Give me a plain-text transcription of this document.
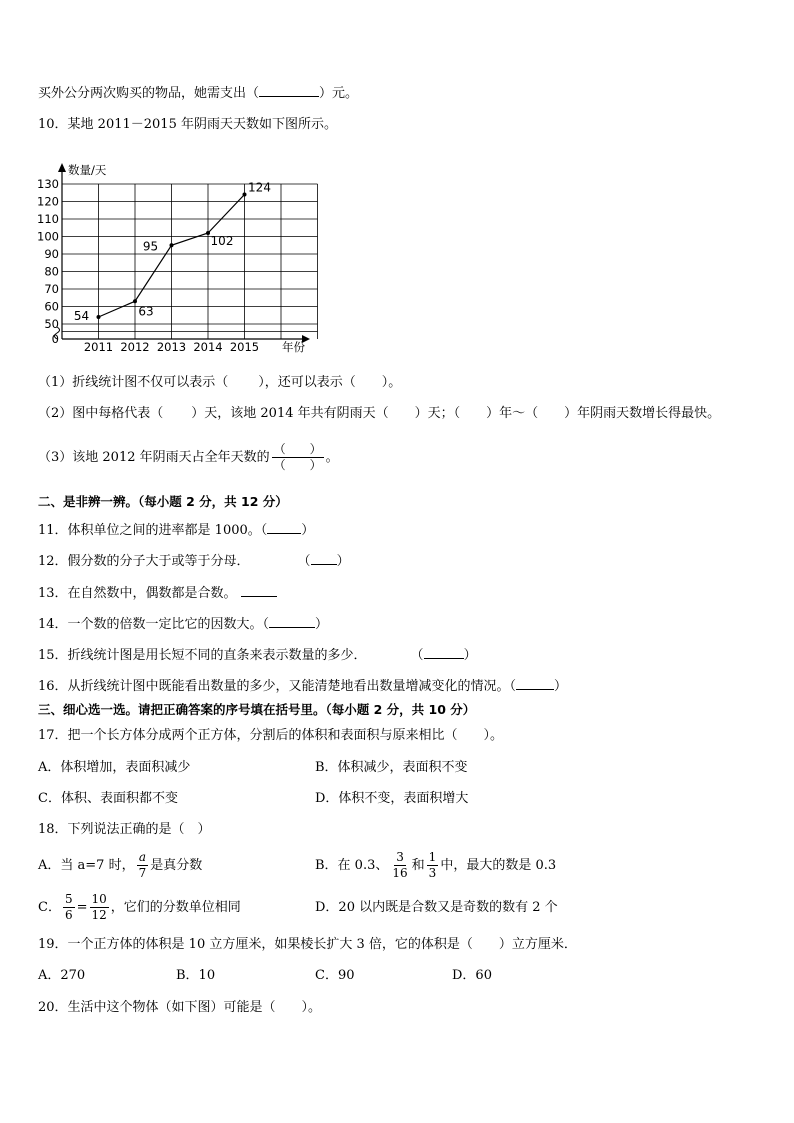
买外公分两次购买的物品，她需支出（	）元。
10．某地 2011－2015 年阴雨天天数如下图所示。
0
50
60
70
80
90
100
110
120
130
数量/天
2011 2012 2013 2014 2015 年份
54	63
95	102
124
（1）折线统计图不仅可以表示（ ），还可以表示（ ）。
（2）图中每格代表（ ）天，该地 2014 年共有阴雨天（ ）天；（ ）年～（ ）年阴雨天数增长得最快。
（3）该地 2012 年阴雨天占全年天数的 $\frac{( )}{( )}$ 。
二、是非辨一辨。（每小题 2 分，共 12 分）
11．体积单位之间的进率都是 1000。（	）
12．假分数的分子大于或等于分母．	（ ）
13．在自然数中，偶数都是合数。
14．一个数的倍数一定比它的因数大。（	）
15．折线统计图是用长短不同的直条来表示数量的多少．	（	）
16．从折线统计图中既能看出数量的多少，又能清楚地看出数量增减变化的情况。（	）
三、细心选一选。请把正确答案的序号填在括号里。（每小题 2 分，共 10 分）
17．把一个长方体分成两个正方体，分割后的体积和表面积与原来相比（　　）。
A．体积增加，表面积减少	B．体积减少，表面积不变
C．体积、表面积都不变	D．体积不变，表面积增大
18．下列说法正确的是（　）
A．当 a=7 时， $\frac{a}{7}$ 是真分数	B．在 0.3、 $\frac{3}{16}$ 和 $\frac{1}{3}$ 中，最大的数是 0.3
C． $\frac{5}{6} = \frac{10}{12}$ ，它们的分数单位相同	D．20 以内既是合数又是奇数的数有 2 个
19．一个正方体的体积是 10 立方厘米，如果棱长扩大 3 倍，它的体积是（　　）立方厘米．
A．270	B．10	C．90	D．60
20．生活中这个物体（如下图）可能是（　　）。
